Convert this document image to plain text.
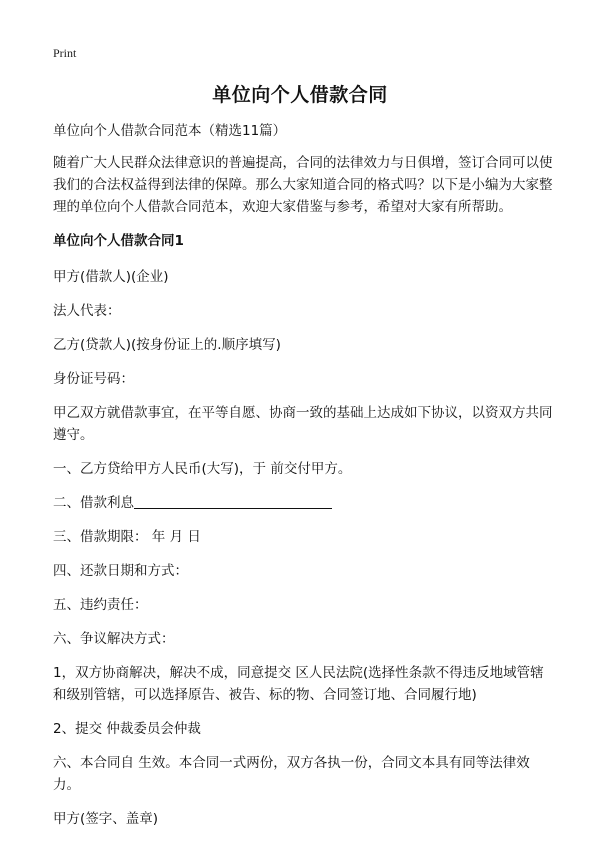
Print
单位向个人借款合同

单位向个人借款合同范本（精选11篇）

随着广大人民群众法律意识的普遍提高，合同的法律效力与日俱增，签订合同可以使我们的合法权益得到法律的保障。那么大家知道合同的格式吗？以下是小编为大家整理的单位向个人借款合同范本，欢迎大家借鉴与参考，希望对大家有所帮助。

单位向个人借款合同1

甲方(借款人)(企业)

法人代表：

乙方(贷款人)(按身份证上的.顺序填写)

身份证号码：

甲乙双方就借款事宜，在平等自愿、协商一致的基础上达成如下协议，以资双方共同遵守。

一、乙方贷给甲方人民币(大写)，于 前交付甲方。

二、借款利息

三、借款期限： 年 月 日

四、还款日期和方式：

五、违约责任：

六、争议解决方式：

1，双方协商解决，解决不成，同意提交 区人民法院(选择性条款不得违反地域管辖和级别管辖，可以选择原告、被告、标的物、合同签订地、合同履行地)

2、提交 仲裁委员会仲裁

六、本合同自 生效。本合同一式两份，双方各执一份，合同文本具有同等法律效力。

甲方(签字、盖章)
